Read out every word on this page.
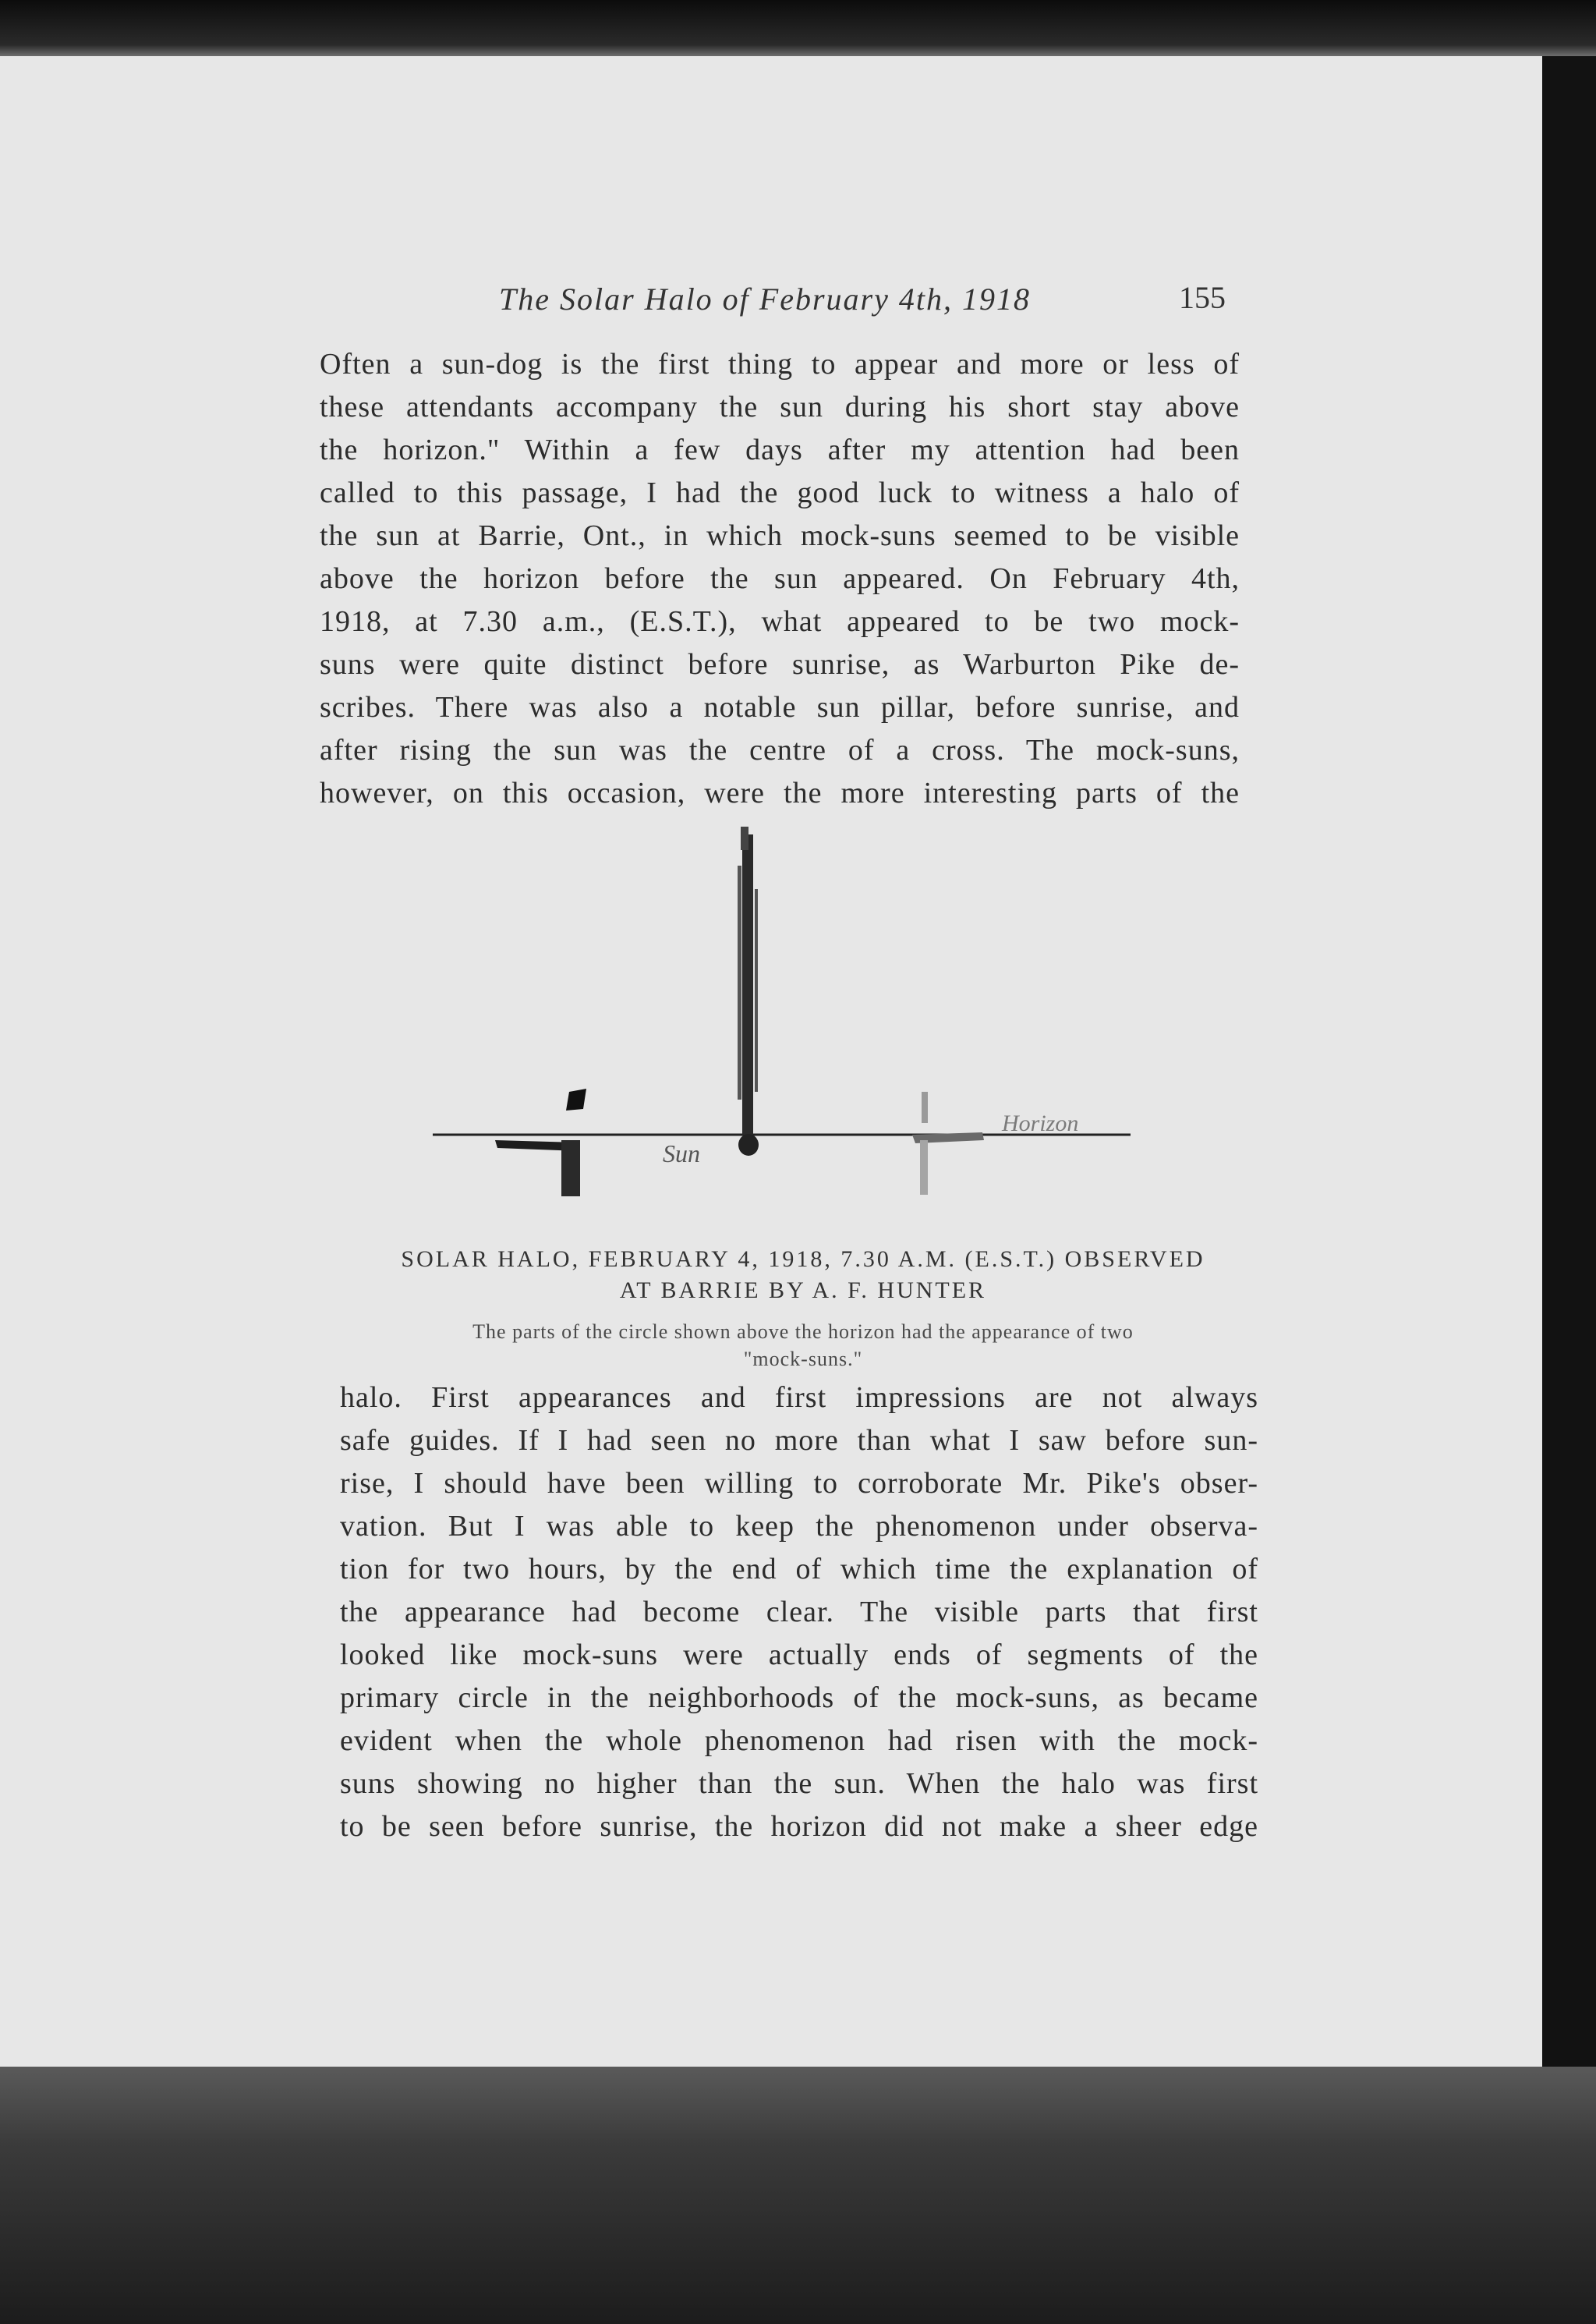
The Solar Halo of February 4th, 1918	155
Often a sun-dog is the first thing to appear and more or less of
these attendants accompany the sun during his short stay above
the horizon." Within a few days after my attention had been
called to this passage, I had the good luck to witness a halo of
the sun at Barrie, Ont., in which mock-suns seemed to be visible
above the horizon before the sun appeared. On February 4th,
1918, at 7.30 a.m., (E.S.T.), what appeared to be two mock-
suns were quite distinct before sunrise, as Warburton Pike de-
scribes. There was also a notable sun pillar, before sunrise, and
after rising the sun was the centre of a cross. The mock-suns,
however, on this occasion, were the more interesting parts of the
Sun
Horizon
SOLAR HALO, FEBRUARY 4, 1918, 7.30 A.M. (E.S.T.) OBSERVED
AT BARRIE BY A. F. HUNTER
The parts of the circle shown above the horizon had the appearance of two
"mock-suns."
halo. First appearances and first impressions are not always
safe guides. If I had seen no more than what I saw before sun-
rise, I should have been willing to corroborate Mr. Pike's obser-
vation. But I was able to keep the phenomenon under observa-
tion for two hours, by the end of which time the explanation of
the appearance had become clear. The visible parts that first
looked like mock-suns were actually ends of segments of the
primary circle in the neighborhoods of the mock-suns, as became
evident when the whole phenomenon had risen with the mock-
suns showing no higher than the sun. When the halo was first
to be seen before sunrise, the horizon did not make a sheer edge
